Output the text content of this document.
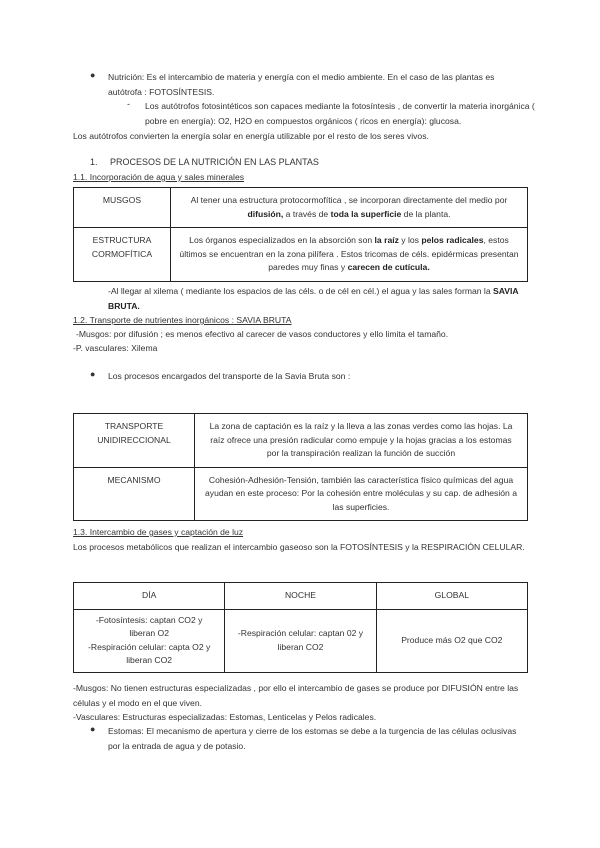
● Nutrición: Es el intercambio de materia y energía con el medio ambiente. En el caso de las plantas es autótrofa : FOTOSÍNTESIS.
- Los autótrofos fotosintéticos son capaces mediante la fotosíntesis , de convertir la materia inorgánica ( pobre en energía): O2, H2O en compuestos orgánicos ( ricos en energía): glucosa.
Los autótrofos convierten la energía solar en energía utilizable por el resto de los seres vivos.
1. PROCESOS DE LA NUTRICIÓN EN LAS PLANTAS
1.1. Incorporación de agua y sales minerales
MUSGOS	Al tener una estructura protocormofítica , se incorporan directamente del medio por difusión, a través de toda la superficie de la planta.
ESTRUCTURA CORMOFÍTICA	Los órganos especializados en la absorción son la raíz y los pelos radicales, estos últimos se encuentran en la zona pilífera . Estos tricomas de céls. epidérmicas presentan paredes muy finas y carecen de cutícula.
-Al llegar al xilema ( mediante los espacios de las céls. o de cél en cél.) el agua y las sales forman la SAVIA BRUTA.
1.2. Transporte de nutrientes inorgánicos : SAVIA BRUTA
-Musgos: por difusión ; es menos efectivo al carecer de vasos conductores y ello limita el tamaño.
-P. vasculares: Xilema
● Los procesos encargados del transporte de la Savia Bruta son :
TRANSPORTE UNIDIRECCIONAL	La zona de captación es la raíz y la lleva a las zonas verdes como las hojas. La raíz ofrece una presión radicular como empuje y la hojas gracias a los estomas por la transpiración realizan la función de succión
MECANISMO	Cohesión-Adhesión-Tensión, también las característica físico químicas del agua ayudan en este proceso: Por la cohesión entre moléculas y su cap. de adhesión a las superficies.
1.3. Intercambio de gases y captación de luz
Los procesos metabólicos que realizan el intercambio gaseoso son la FOTOSÍNTESIS y la RESPIRACIÓN CELULAR.
DÍA	NOCHE	GLOBAL

-Fotosíntesis: captan CO2 y liberan O2
-Respiración celular: capta O2 y liberan CO2	-Respiración celular: captan 02 y liberan CO2	Produce más O2 que CO2
-Musgos: No tienen estructuras especializadas , por ello el intercambio de gases se produce por DIFUSIÓN entre las células y el modo en el que viven.
-Vasculares: Estructuras especializadas: Estomas, Lenticelas y Pelos radicales.
● Estomas: El mecanismo de apertura y cierre de los estomas se debe a la turgencia de las células oclusivas por la entrada de agua y de potasio.
